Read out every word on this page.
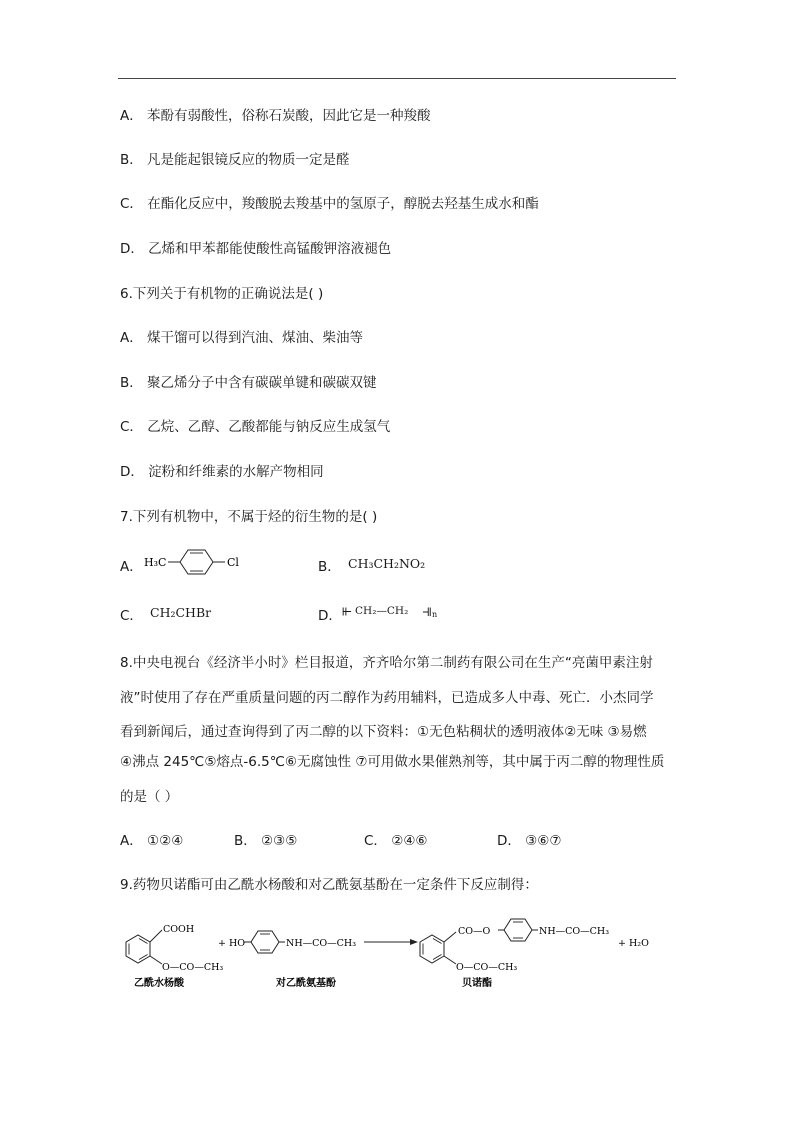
A． 苯酚有弱酸性，俗称石炭酸，因此它是一种羧酸
B． 凡是能起银镜反应的物质一定是醛
C． 在酯化反应中，羧酸脱去羧基中的氢原子，醇脱去羟基生成水和酯
D． 乙烯和甲苯都能使酸性高锰酸钾溶液褪色
6.下列关于有机物的正确说法是( )
A． 煤干馏可以得到汽油、煤油、柴油等
B． 聚乙烯分子中含有碳碳单键和碳碳双键
C． 乙烷、乙醇、乙酸都能与钠反应生成氢气
D． 淀粉和纤维素的水解产物相同
7.下列有机物中，不属于烃的衍生物的是( )
A． H₃C	Cl	B． CH₃CH₂NO₂
C． CH₂CHBr	D． ⫦ CH₂—CH₂ ⫣ n
8.中央电视台《经济半小时》栏目报道，齐齐哈尔第二制药有限公司在生产“亮菌甲素注射
液”时使用了存在严重质量问题的丙二醇作为药用辅料，已造成多人中毒、死亡．小杰同学
看到新闻后，通过查询得到了丙二醇的以下资料：①无色粘稠状的透明液体②无味 ③易燃
④沸点 245℃⑤熔点-6.5℃⑥无腐蚀性 ⑦可用做水果催熟剂等，其中属于丙二醇的物理性质
的是（ ）
A． ①②④	B． ②③⑤	C． ②④⑥	D． ③⑥⑦
9.药物贝诺酯可由乙酰水杨酸和对乙酰氨基酚在一定条件下反应制得：
COOH
O—CO—CH₃
+ HO	NH—CO—CH₃
CO—O	NH—CO—CH₃
O—CO—CH₃
+ H₂O
乙酰水杨酸	对乙酰氨基酚	贝诺酯
